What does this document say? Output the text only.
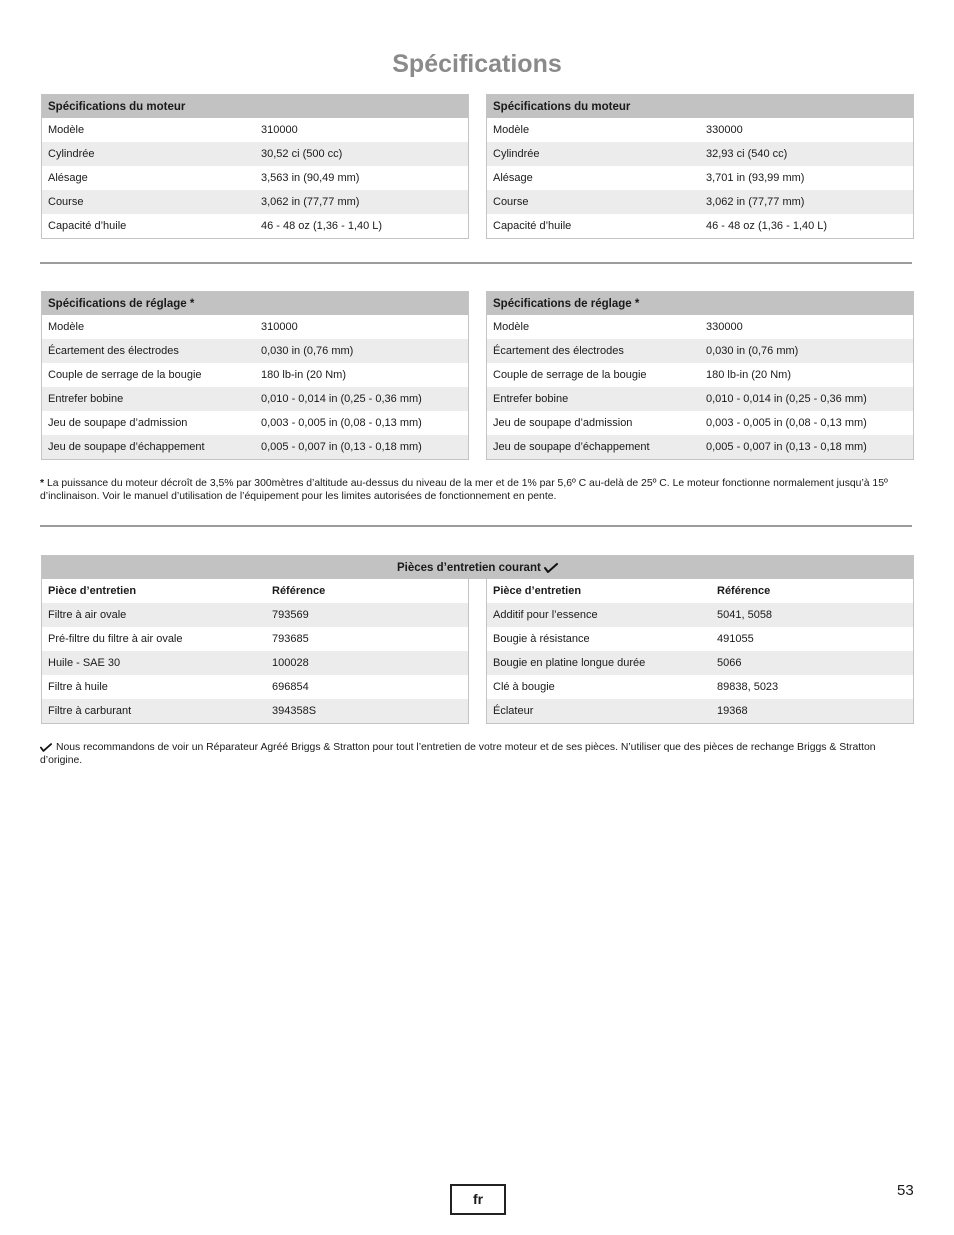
Spécifications
Spécifications du moteur	
Modèle	310000
Cylindrée	30,52 ci (500 cc)
Alésage	3,563 in (90,49 mm)
Course	3,062 in (77,77 mm)
Capacité d’huile	46 - 48 oz (1,36 - 1,40 L)
Spécifications du moteur	
Modèle	330000
Cylindrée	32,93 ci (540 cc)
Alésage	3,701 in (93,99 mm)
Course	3,062 in (77,77 mm)
Capacité d’huile	46 - 48 oz (1,36 - 1,40 L)
Spécifications de réglage *	
Modèle	310000
Écartement des électrodes	0,030 in (0,76 mm)
Couple de serrage de la bougie	180 lb-in (20 Nm)
Entrefer bobine	0,010 - 0,014 in (0,25 - 0,36 mm)
Jeu de soupape d’admission	0,003 - 0,005 in (0,08 - 0,13 mm)
Jeu de soupape d’échappement	0,005 - 0,007 in (0,13 - 0,18 mm)
Spécifications de réglage *	
Modèle	330000
Écartement des électrodes	0,030 in (0,76 mm)
Couple de serrage de la bougie	180 lb-in (20 Nm)
Entrefer bobine	0,010 - 0,014 in (0,25 - 0,36 mm)
Jeu de soupape d’admission	0,003 - 0,005 in (0,08 - 0,13 mm)
Jeu de soupape d’échappement	0,005 - 0,007 in (0,13 - 0,18 mm)
* La puissance du moteur décroît de 3,5% par 300mètres d’altitude au-dessus du niveau de la mer et de 1% par 5,6º C au-delà de 25º C. Le moteur fonctionne normalement jusqu’à 15º d’inclinaison. Voir le manuel d’utilisation de l’équipement pour les limites autorisées de fonctionnement en pente.
Pièces d’entretien courant
Pièce d’entretien	Référence
Filtre à air ovale	793569
Pré-filtre du filtre à air ovale	793685
Huile - SAE 30	100028
Filtre à huile	696854
Filtre à carburant	394358S
Pièce d’entretien	Référence
Additif pour l’essence	5041, 5058
Bougie à résistance	491055
Bougie en platine longue durée	5066
Clé à bougie	89838, 5023
Éclateur	19368
Nous recommandons de voir un Réparateur Agréé Briggs & Stratton pour tout l’entretien de votre moteur et de ses pièces. N’utiliser que des pièces de rechange Briggs & Stratton d’origine.
fr	53
